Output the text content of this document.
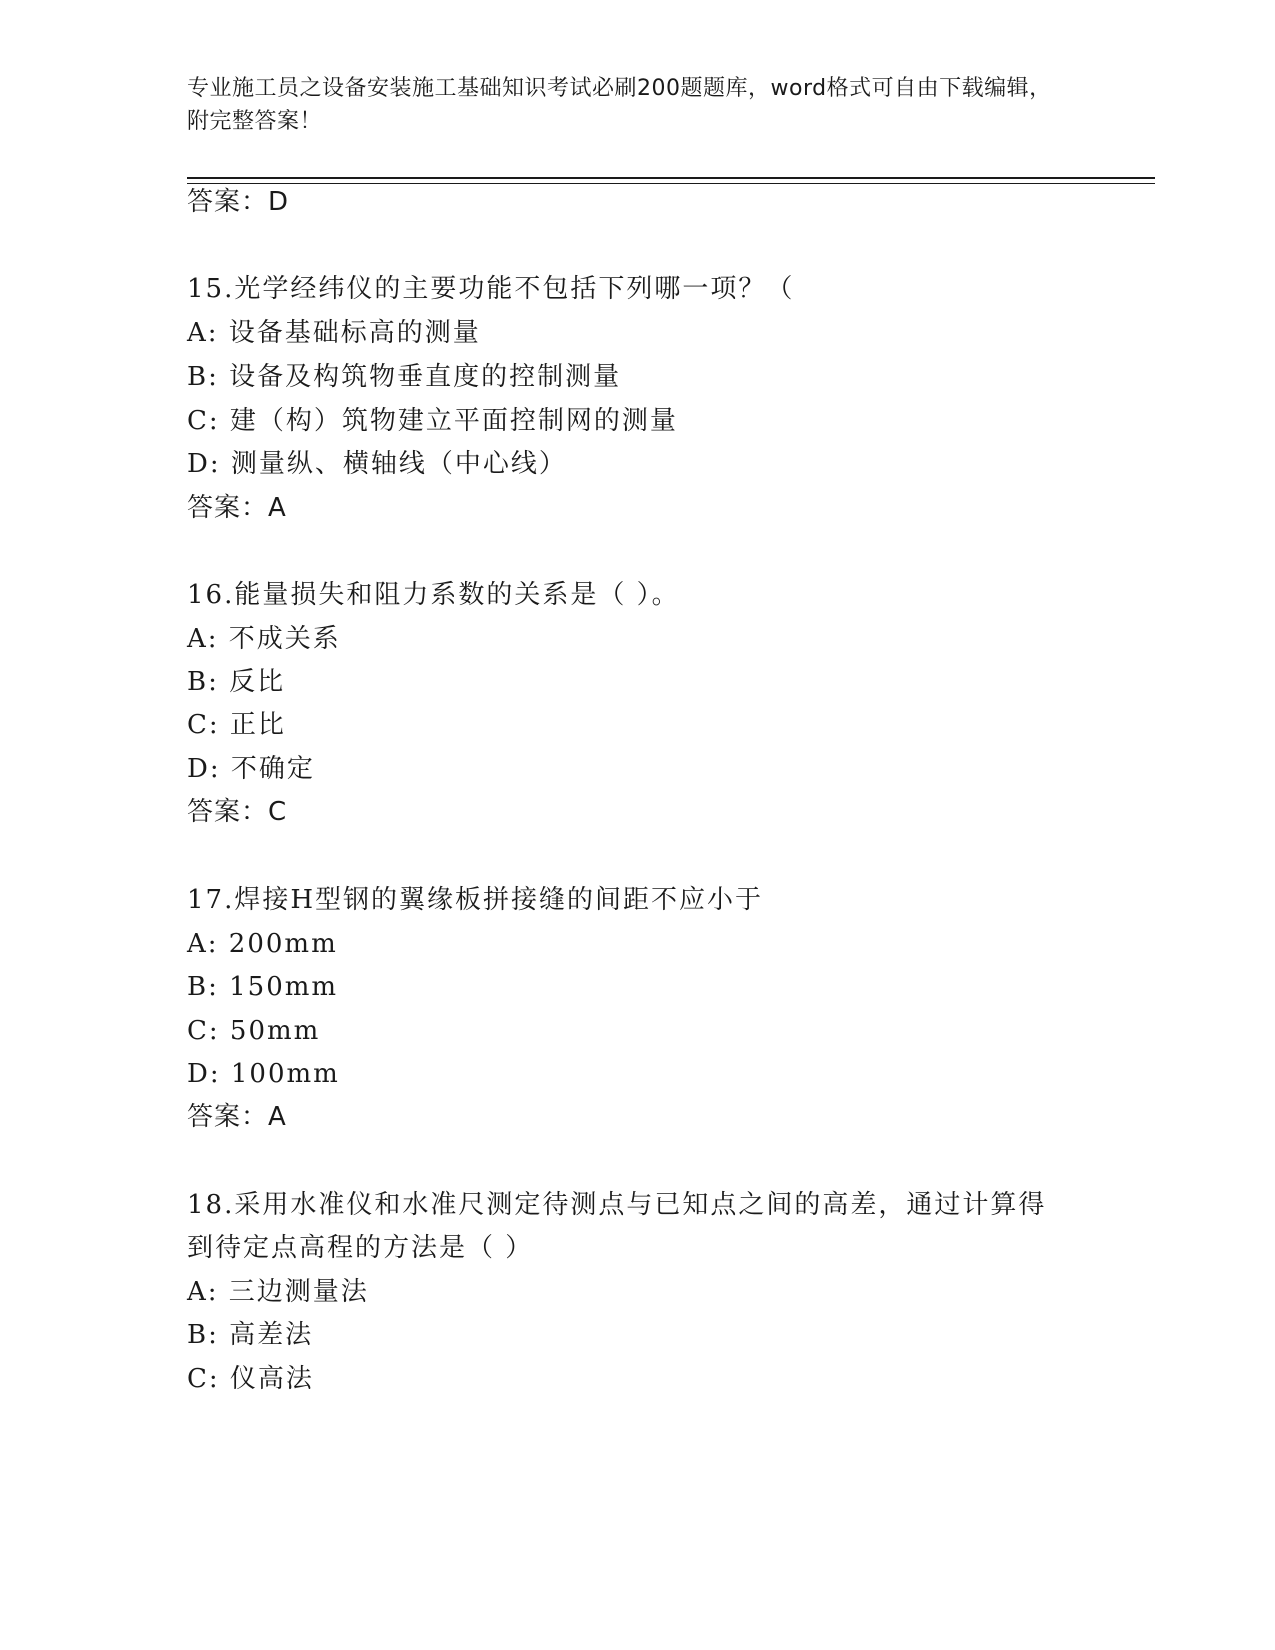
专业施工员之设备安装施工基础知识考试必刷200题题库，word格式可自由下载编辑，附完整答案！
答案：D
15.光学经纬仪的主要功能不包括下列哪一项？（
A: 设备基础标高的测量
B: 设备及构筑物垂直度的控制测量
C: 建（构）筑物建立平面控制网的测量
D: 测量纵、横轴线（中心线）
答案：A
16.能量损失和阻力系数的关系是（ ）。
A: 不成关系
B: 反比
C: 正比
D: 不确定
答案：C
17.焊接H型钢的翼缘板拼接缝的间距不应小于
A: 200mm
B: 150mm
C: 50mm
D: 100mm
答案：A
18.采用水准仪和水准尺测定待测点与已知点之间的高差，通过计算得
到待定点高程的方法是（ ）
A: 三边测量法
B: 高差法
C: 仪高法
